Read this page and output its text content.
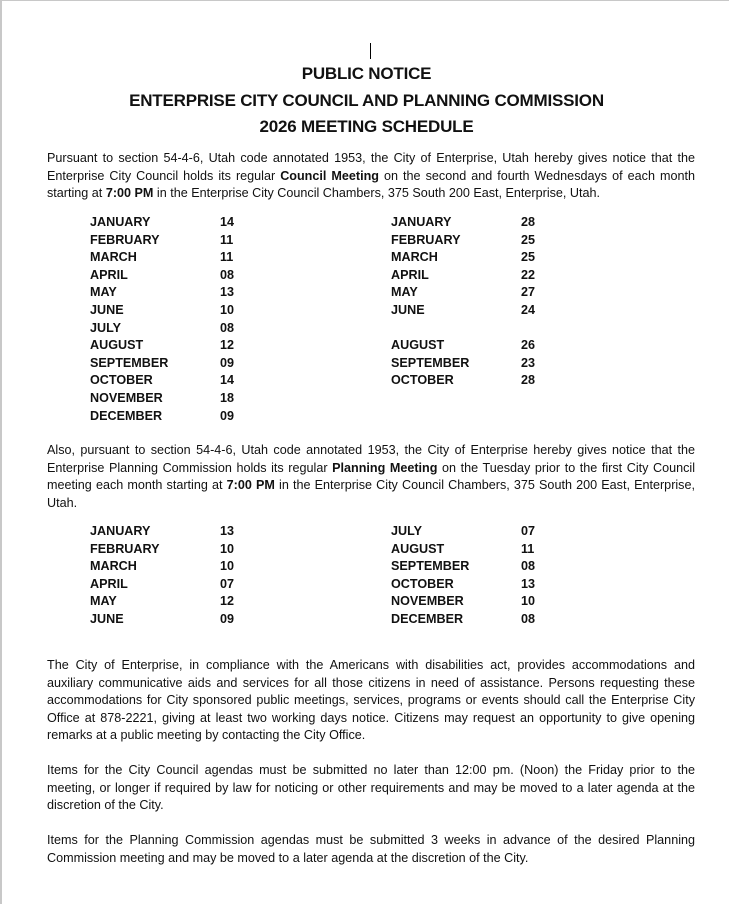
PUBLIC NOTICE
ENTERPRISE CITY COUNCIL AND PLANNING COMMISSION
2026 MEETING SCHEDULE
Pursuant to section 54-4-6, Utah code annotated 1953, the City of Enterprise, Utah hereby gives notice that the Enterprise City Council holds its regular Council Meeting on the second and fourth Wednesdays of each month starting at 7:00 PM in the Enterprise City Council Chambers, 375 South 200 East, Enterprise, Utah.
JANUARY	14
FEBRUARY	11
MARCH	11
APRIL	08
MAY	13
JUNE	10
JULY	08
AUGUST	12
SEPTEMBER	09
OCTOBER	14
NOVEMBER	18
DECEMBER	09
JANUARY	28
FEBRUARY	25
MARCH	25
APRIL	22
MAY	27
JUNE	24
AUGUST	26
SEPTEMBER	23
OCTOBER	28
Also, pursuant to section 54-4-6, Utah code annotated 1953, the City of Enterprise hereby gives notice that the Enterprise Planning Commission holds its regular Planning Meeting on the Tuesday prior to the first City Council meeting each month starting at 7:00 PM in the Enterprise City Council Chambers, 375 South 200 East, Enterprise, Utah.
JANUARY	13
FEBRUARY	10
MARCH	10
APRIL	07
MAY	12
JUNE	09
JULY	07
AUGUST	11
SEPTEMBER	08
OCTOBER	13
NOVEMBER	10
DECEMBER	08
The City of Enterprise, in compliance with the Americans with disabilities act, provides accommodations and auxiliary communicative aids and services for all those citizens in need of assistance. Persons requesting these accommodations for City sponsored public meetings, services, programs or events should call the Enterprise City Office at 878-2221, giving at least two working days notice. Citizens may request an opportunity to give opening remarks at a public meeting by contacting the City Office.
Items for the City Council agendas must be submitted no later than 12:00 pm. (Noon) the Friday prior to the meeting, or longer if required by law for noticing or other requirements and may be moved to a later agenda at the discretion of the City.
Items for the Planning Commission agendas must be submitted 3 weeks in advance of the desired Planning Commission meeting and may be moved to a later agenda at the discretion of the City.
